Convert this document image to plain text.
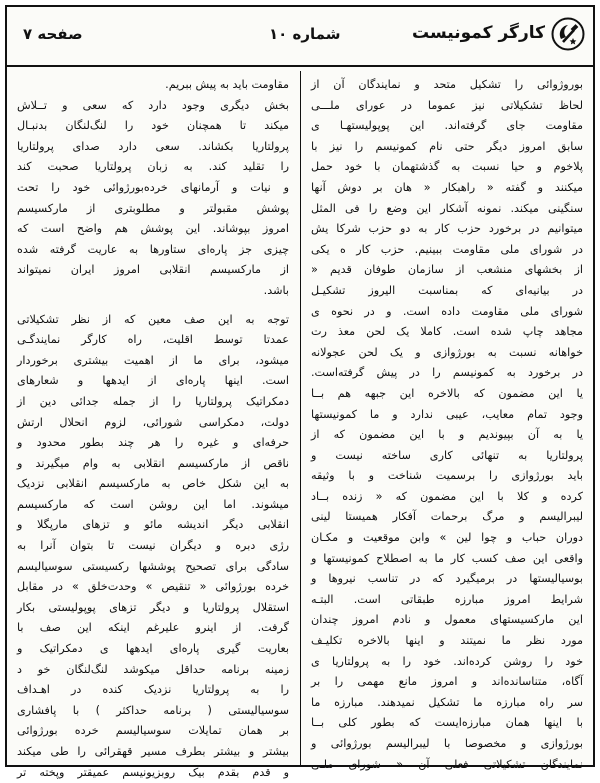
کارگر کمونیست
شماره ۱۰
صفحه ۷
بوروژوائی را تشکیل متحد و نمایندگان آن از
لحاظ تشکیلاتی نیز عموما در عورای ملـــی
مقاومت جای گرفته‌اند. این پوپولیستهـا ی
سابق امروز دیگر حتی نام کمونیسم را نیز با
پلاخوم و حیا نسبت به گذشتهمان با خود حمل
میکنند و گفته « راهبکار « هان بر دوش آنها
سنگینی میکند. نمونه آشکار این وضع را فی المثل
میتوانیم در برخورد حزب کار به دو حزب شرکا یش
در شورای ملی مقاومت ببینیم. حزب کار ه یکی
از بخشهای منشعب از سازمان طوفان قدیم «
در بیانیه‌ای که بمناسبت الیروز تشکیـل
شورای ملی مقاومت داده است. و در نحوه ی
مجاهد چاپ شده است. کاملا یک لحن معذ رت
خواهانه نسبت به بورژوازی و یک لحن عجولانه
در برخورد به کمونیسم را در پیش گرفته‌است.
یا این مضمون که بالاخره این جبهه هم بــا
وجود تمام معایب، عیبی ندارد و ما کمونیستها
یا به آن بپیوندیم و با این مضمون که از
پرولتاریا به تنهائی کاری ساخته نیست و
باید بورژوازی را برسمیت شناخت و با وثیقه
کرده و کلا با این مضمون که « زنده بــاد
لیبرالیسم و مرگ برحمات آفکار همیستا لینی
دوران حباب و چوا لین » وابن موقعیت و مکـان
واقعی این صف کسب کار ما به اصطلاح کمونیستها و
بوسیالیستها در برمیگیرد که در تناسب نیروها و
شرایط امروز مبارزه طبقاتی است. البتـه
این مارکسیستهای معمول و نادم امروز چندان
مورد نظر ما نمیتند و اینها بالاخره تکلیـف
خود را روشن کرده‌اند. خود را به پرولتاریا ی
آگاه، متناسانده‌اند و امروز مانع مهمی را بر
سر راه مبارزه ما تشکیل نمیدهند. مبارزه ما
با اینها همان مبارزه‌ایست که بطور کلی بــا
بورژوازی و مخصوصا با لیبرالیسم بورژوائی و
نمایندگان تشکیلاتی فعلی آن « شورای ملـی
مقاومت باید به پیش ببریم.
بخش دیگری وجود دارد که سعی و تــلاش
میکند تا همچنان خود را لنگ‌لنگان بدنبـال
پرولتاریا بکشاند. سعی دارد صدای پرولتاریا
را تقلید کند. به زبان پرولتاریا صحبت کند
و نیات و آرمانهای خرده‌بورژوائی خود را تحت
پوشش مقبولتر و مطلوبتری از مارکسیسم
امروز بپوشاند. این پوشش هم واضح است که
چیزی جز پاره‌ای ستاورها به عاریت گرفته شده
از مارکسیسم انقلابی امروز ایران نمیتواند
باشد.
توجه به این صف معین که از نظر تشکیلاتی
عمدتا توسط اقلیت، راه کارگر نمایندگـی
میشود، برای ما از اهمیت بیشتری برخوردار
است. اینها پاره‌ای از ایدهها و شعارهای
دمکراتیک پرولتاریا را از جمله جدائی دین از
دولت، دمکراسی شورائی، لزوم انحلال ارتش
حرفه‌ای و غیره را هر چند بطور محدود و
ناقص از مارکسیسم انقلابی به وام میگیرند و
به این شکل خاص به مارکسیسم انقلابی نزدیک
میشوند. اما این روشن است که مارکسیسم
انقلابی دیگر اندیشه مائو و تزهای مارپگلا و
رژی دبره و دیگران نیست تا بتوان آنرا به
سادگی برای تصحیح پوششها رکسیستی سوسیالیسم
خرده بورژوائی « تنقیص » وحدت‌خلق » در مقابل
استقلال پرولتاریا و دیگر تزهای پوپولیستی بکار
گرفت. از اینرو علیرغم اینکه این صف با
بعاریت گیری پاره‌ای ایدهها ی دمکراتیک و
زمینه برنامه حداقل میکوشد لنگ‌لنگان خو د
را به پرولتاریا نزدیک کنده در اهـداف
سوسیالیستی ( برنامه حداکثر ) با پافشاری
بر همان تمایلات سوسیالیسم خرده بورژوائی
بیشتر و بیشتر بطرف مسیر قهقرائی را طی میکند
و قدم بقدم بیک روبزیونیسم عمیقتر وپخته تر
